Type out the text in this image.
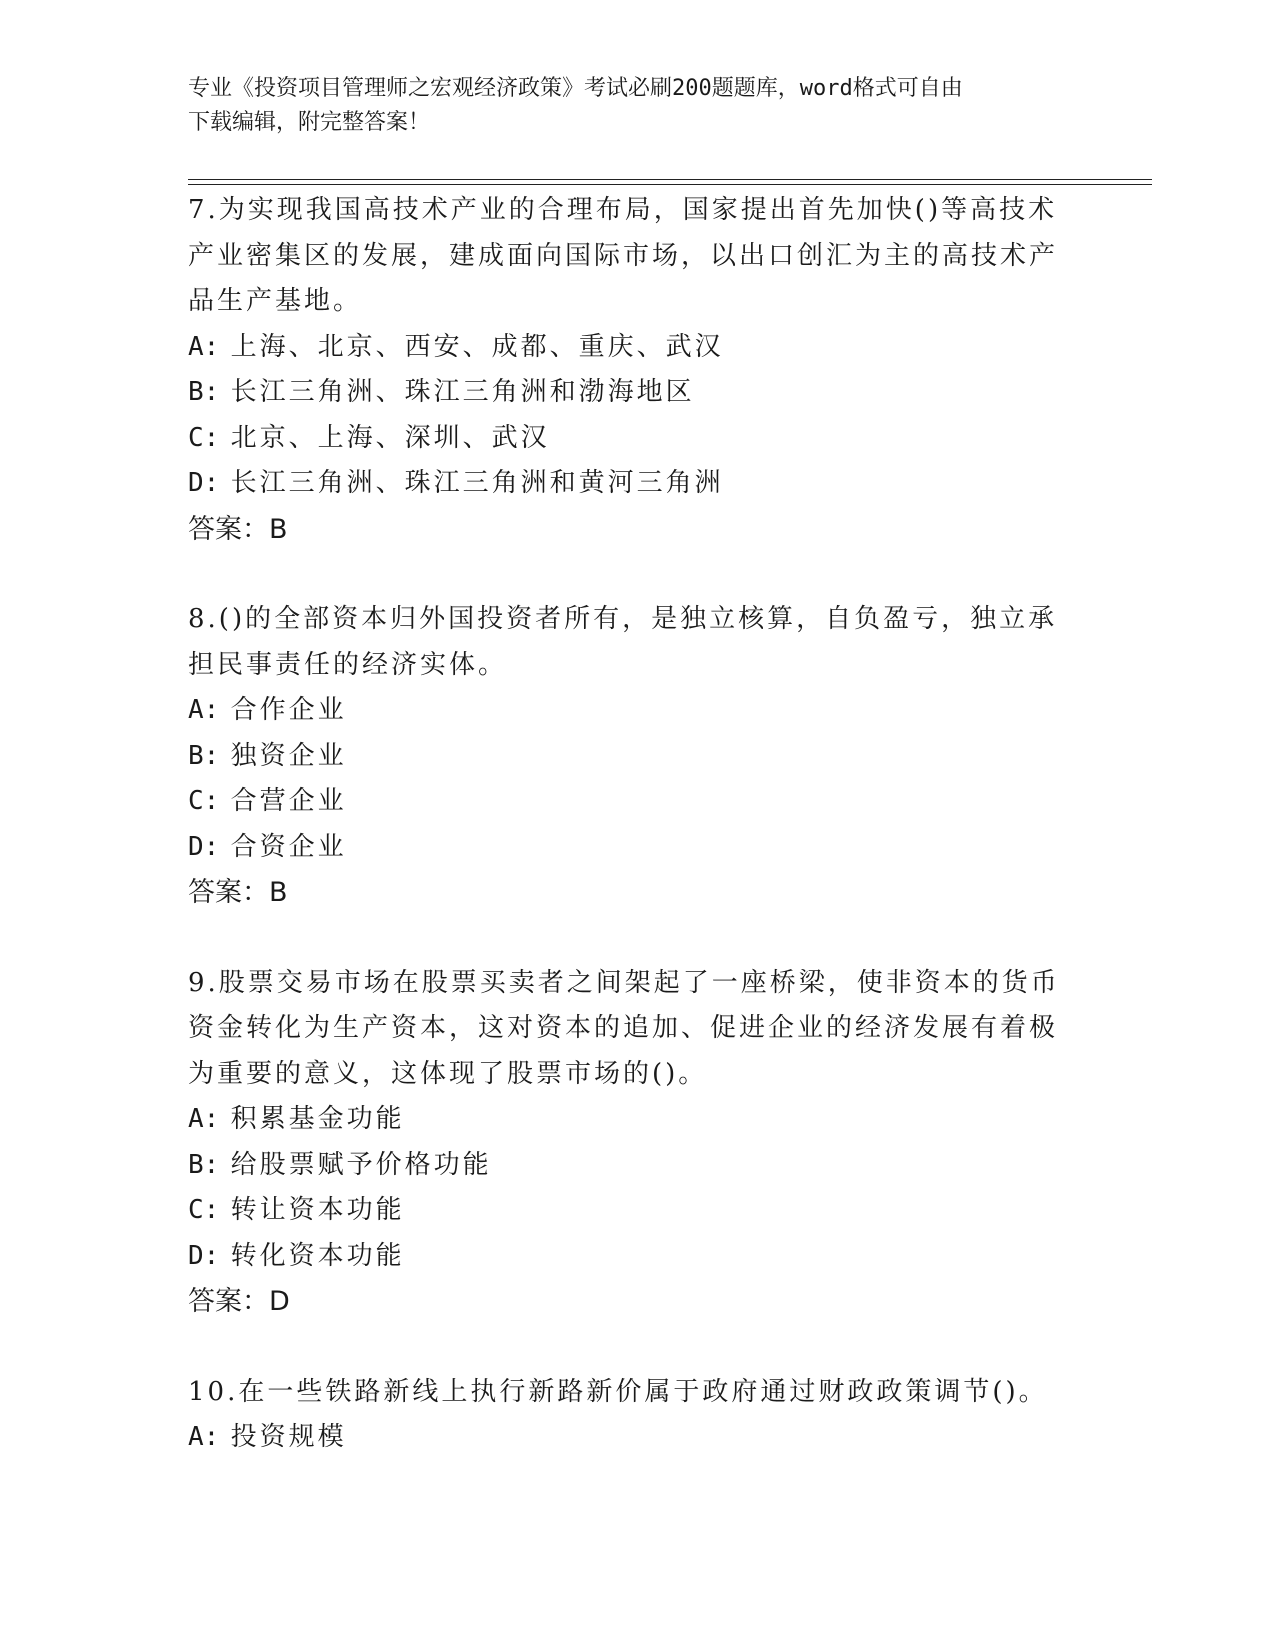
专业《投资项目管理师之宏观经济政策》考试必刷200题题库，word格式可自由
下载编辑，附完整答案！

7.为实现我国高技术产业的合理布局，国家提出首先加快()等高技术产业密集区的发展，建成面向国际市场，以出口创汇为主的高技术产品生产基地。

A: 上海、北京、西安、成都、重庆、武汉

B: 长江三角洲、珠江三角洲和渤海地区

C: 北京、上海、深圳、武汉

D: 长江三角洲、珠江三角洲和黄河三角洲

答案：B

8.()的全部资本归外国投资者所有，是独立核算，自负盈亏，独立承担民事责任的经济实体。

A: 合作企业

B: 独资企业

C: 合营企业

D: 合资企业

答案：B

9.股票交易市场在股票买卖者之间架起了一座桥梁，使非资本的货币资金转化为生产资本，这对资本的追加、促进企业的经济发展有着极为重要的意义，这体现了股票市场的()。

A: 积累基金功能

B: 给股票赋予价格功能

C: 转让资本功能

D: 转化资本功能

答案：D

10.在一些铁路新线上执行新路新价属于政府通过财政政策调节()。

A: 投资规模
